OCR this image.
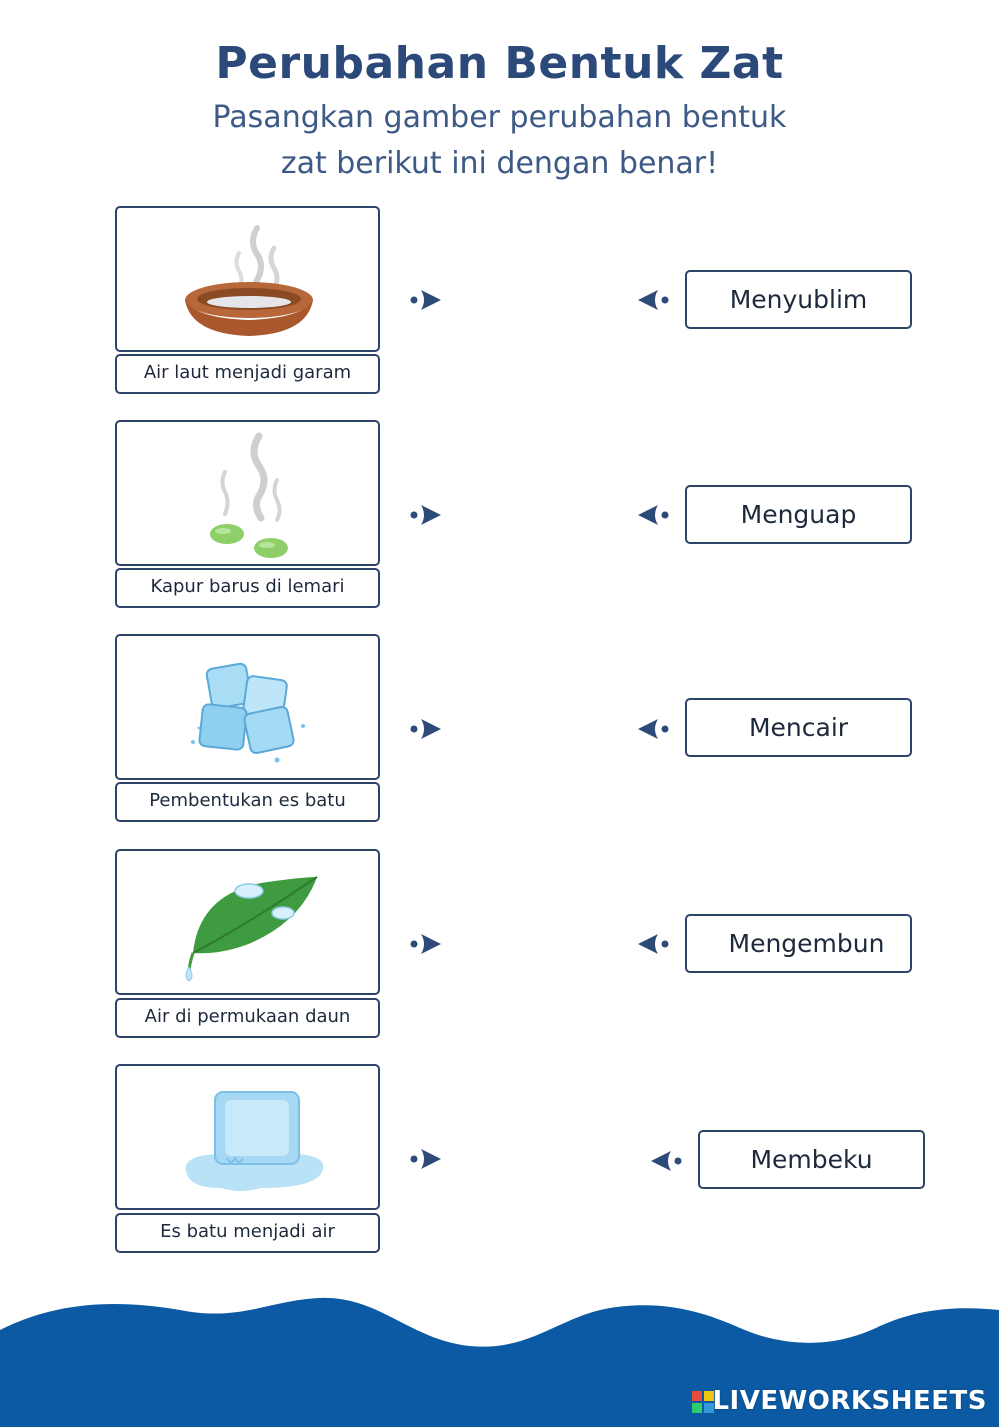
Perubahan Bentuk Zat
Pasangkan gamber perubahan bentuk
zat berikut ini dengan benar!
Air laut menjadi garam
Kapur barus di lemari
Pembentukan es batu
Air di permukaan daun
Es batu menjadi air
Menyublim
Menguap
Mencair
Mengembun
Membeku
LIVEWORKSHEETS
